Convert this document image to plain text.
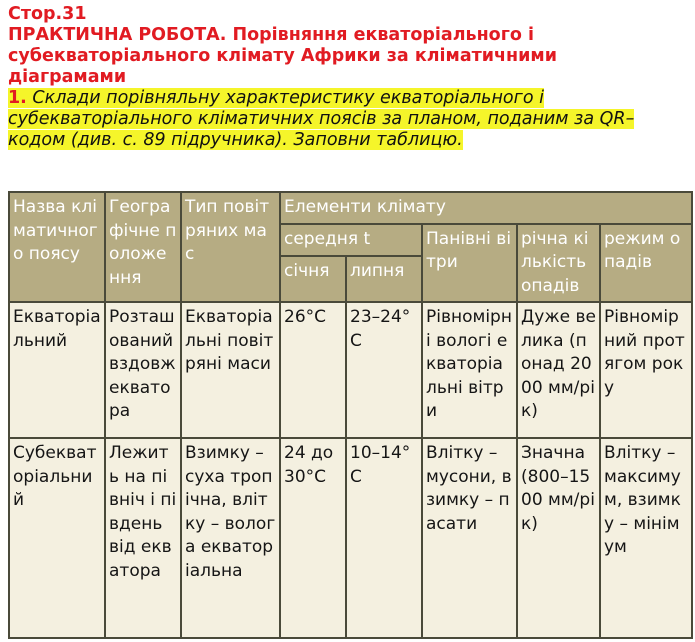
Стор.31
ПРАКТИЧНА РОБОТА. Порівняння екваторіального і
субекваторіального клімату Африки за кліматичними
діаграмами
1. Склади порівняльну характеристику екваторіального і
субекваторіального кліматичних поясів за планом, поданим за QR–
кодом (див. с. 89 підручника). Заповни таблицю.
Назва кліматичного поясу	Географічне положення	Тип повітряних мас	Елементи клімату				
			середня t		Панівні вітри	річна кількість опадів	режим опадів
			січня	липня			
Екваторіальний	Розташований вздовж екватора	Екваторіальні повітряні маси	26°C	23–24°C	Рівномірні вологі екваторіальні вітри	Дуже велика (понад 2000 мм/рік)	Рівномірний протягом року
Субекваторіальний	Лежить на північ і південь від екватора	Взимку – суха тропічна, влітку – волога екваторіальна	24 до 30°C	10–14°C	Влітку – мусони, взимку – пасати	Значна (800–1500 мм/рік)	Влітку – максимум, взимку – мінімум
